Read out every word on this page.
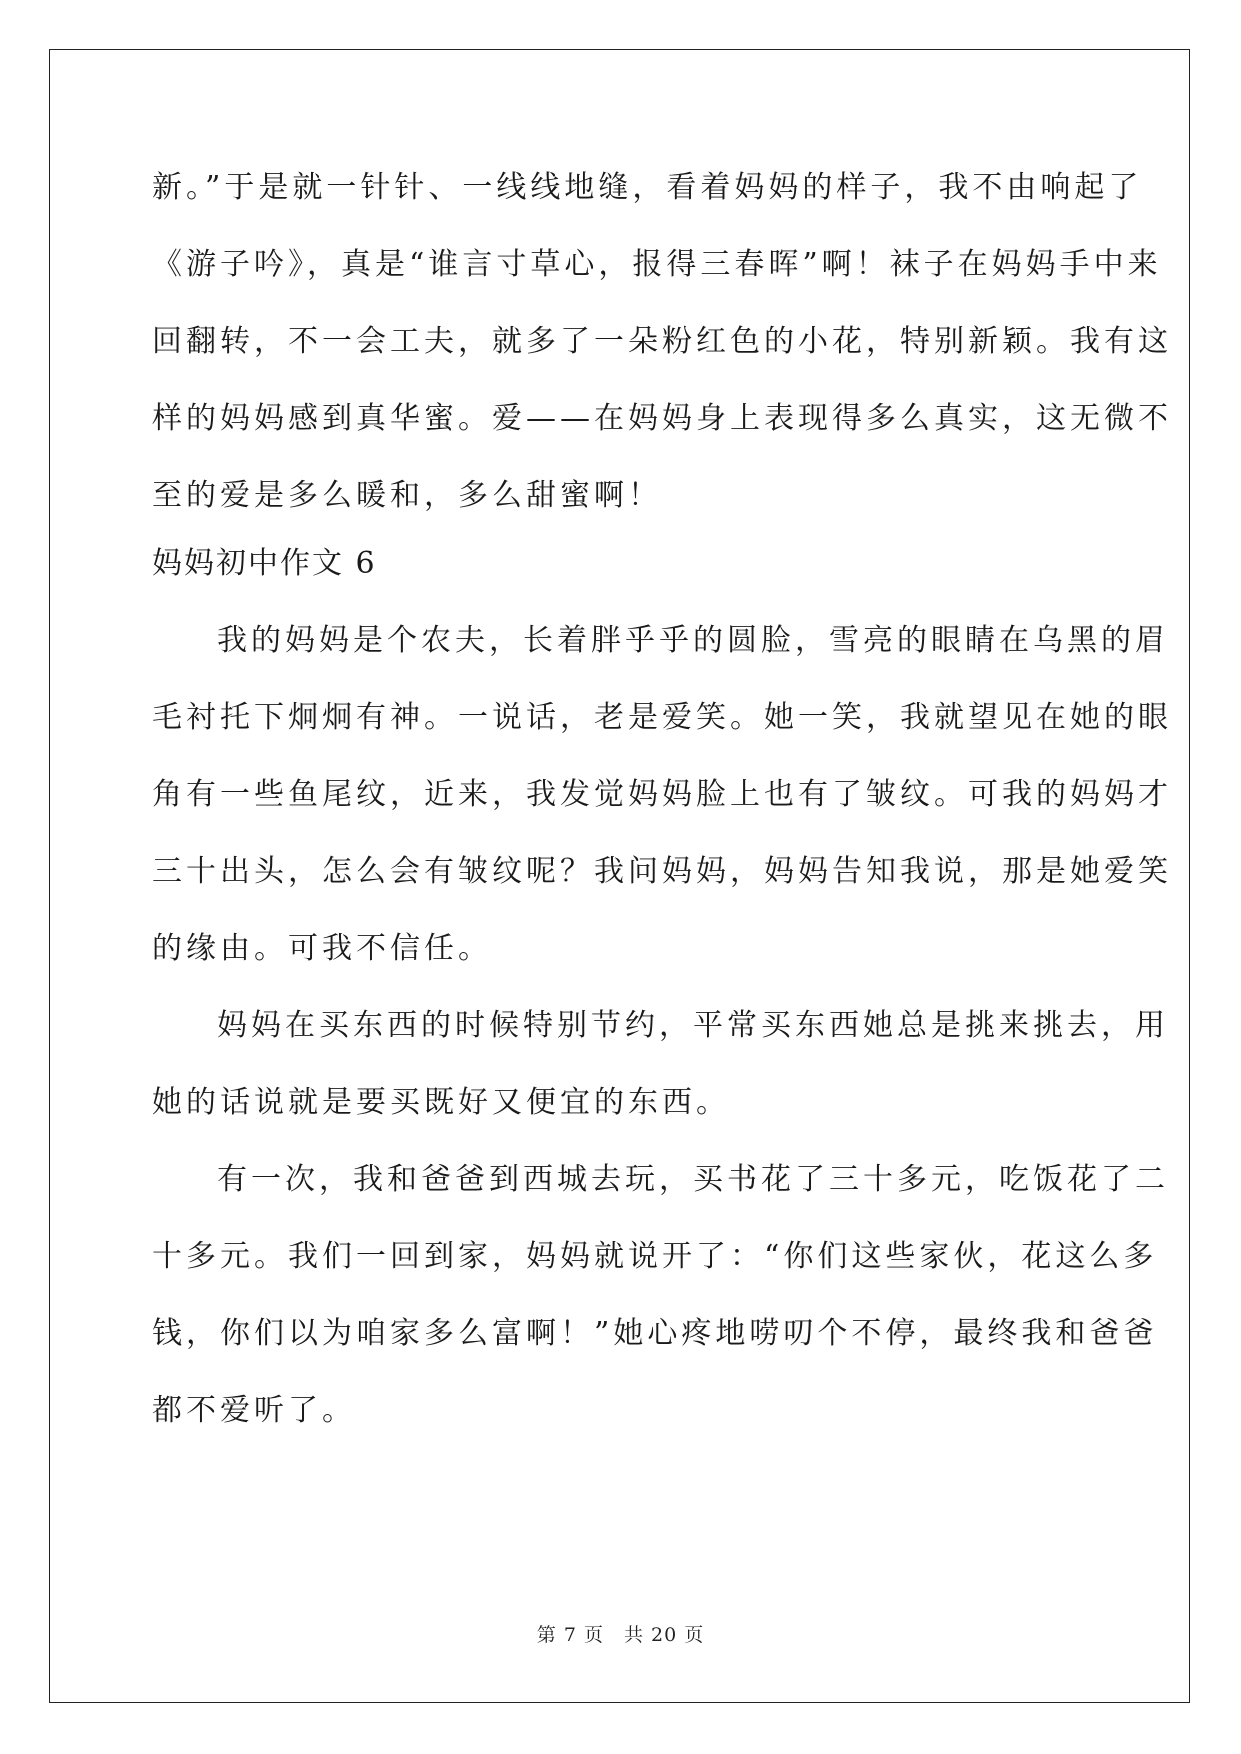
新。”于是就一针针、一线线地缝，看着妈妈的样子，我不由响起了
《游子吟》，真是“谁言寸草心，报得三春晖”啊！袜子在妈妈手中来
回翻转，不一会工夫，就多了一朵粉红色的小花，特别新颖。我有这
样的妈妈感到真华蜜。爱——在妈妈身上表现得多么真实，这无微不
至的爱是多么暖和，多么甜蜜啊！
妈妈初中作文 6
我的妈妈是个农夫，长着胖乎乎的圆脸，雪亮的眼睛在乌黑的眉
毛衬托下炯炯有神。一说话，老是爱笑。她一笑，我就望见在她的眼
角有一些鱼尾纹，近来，我发觉妈妈脸上也有了皱纹。可我的妈妈才
三十出头，怎么会有皱纹呢？我问妈妈，妈妈告知我说，那是她爱笑
的缘由。可我不信任。
妈妈在买东西的时候特别节约，平常买东西她总是挑来挑去，用
她的话说就是要买既好又便宜的东西。
有一次，我和爸爸到西城去玩，买书花了三十多元，吃饭花了二
十多元。我们一回到家，妈妈就说开了：“你们这些家伙，花这么多
钱，你们以为咱家多么富啊！”她心疼地唠叨个不停，最终我和爸爸
都不爱听了。
第 7 页 共 20 页
